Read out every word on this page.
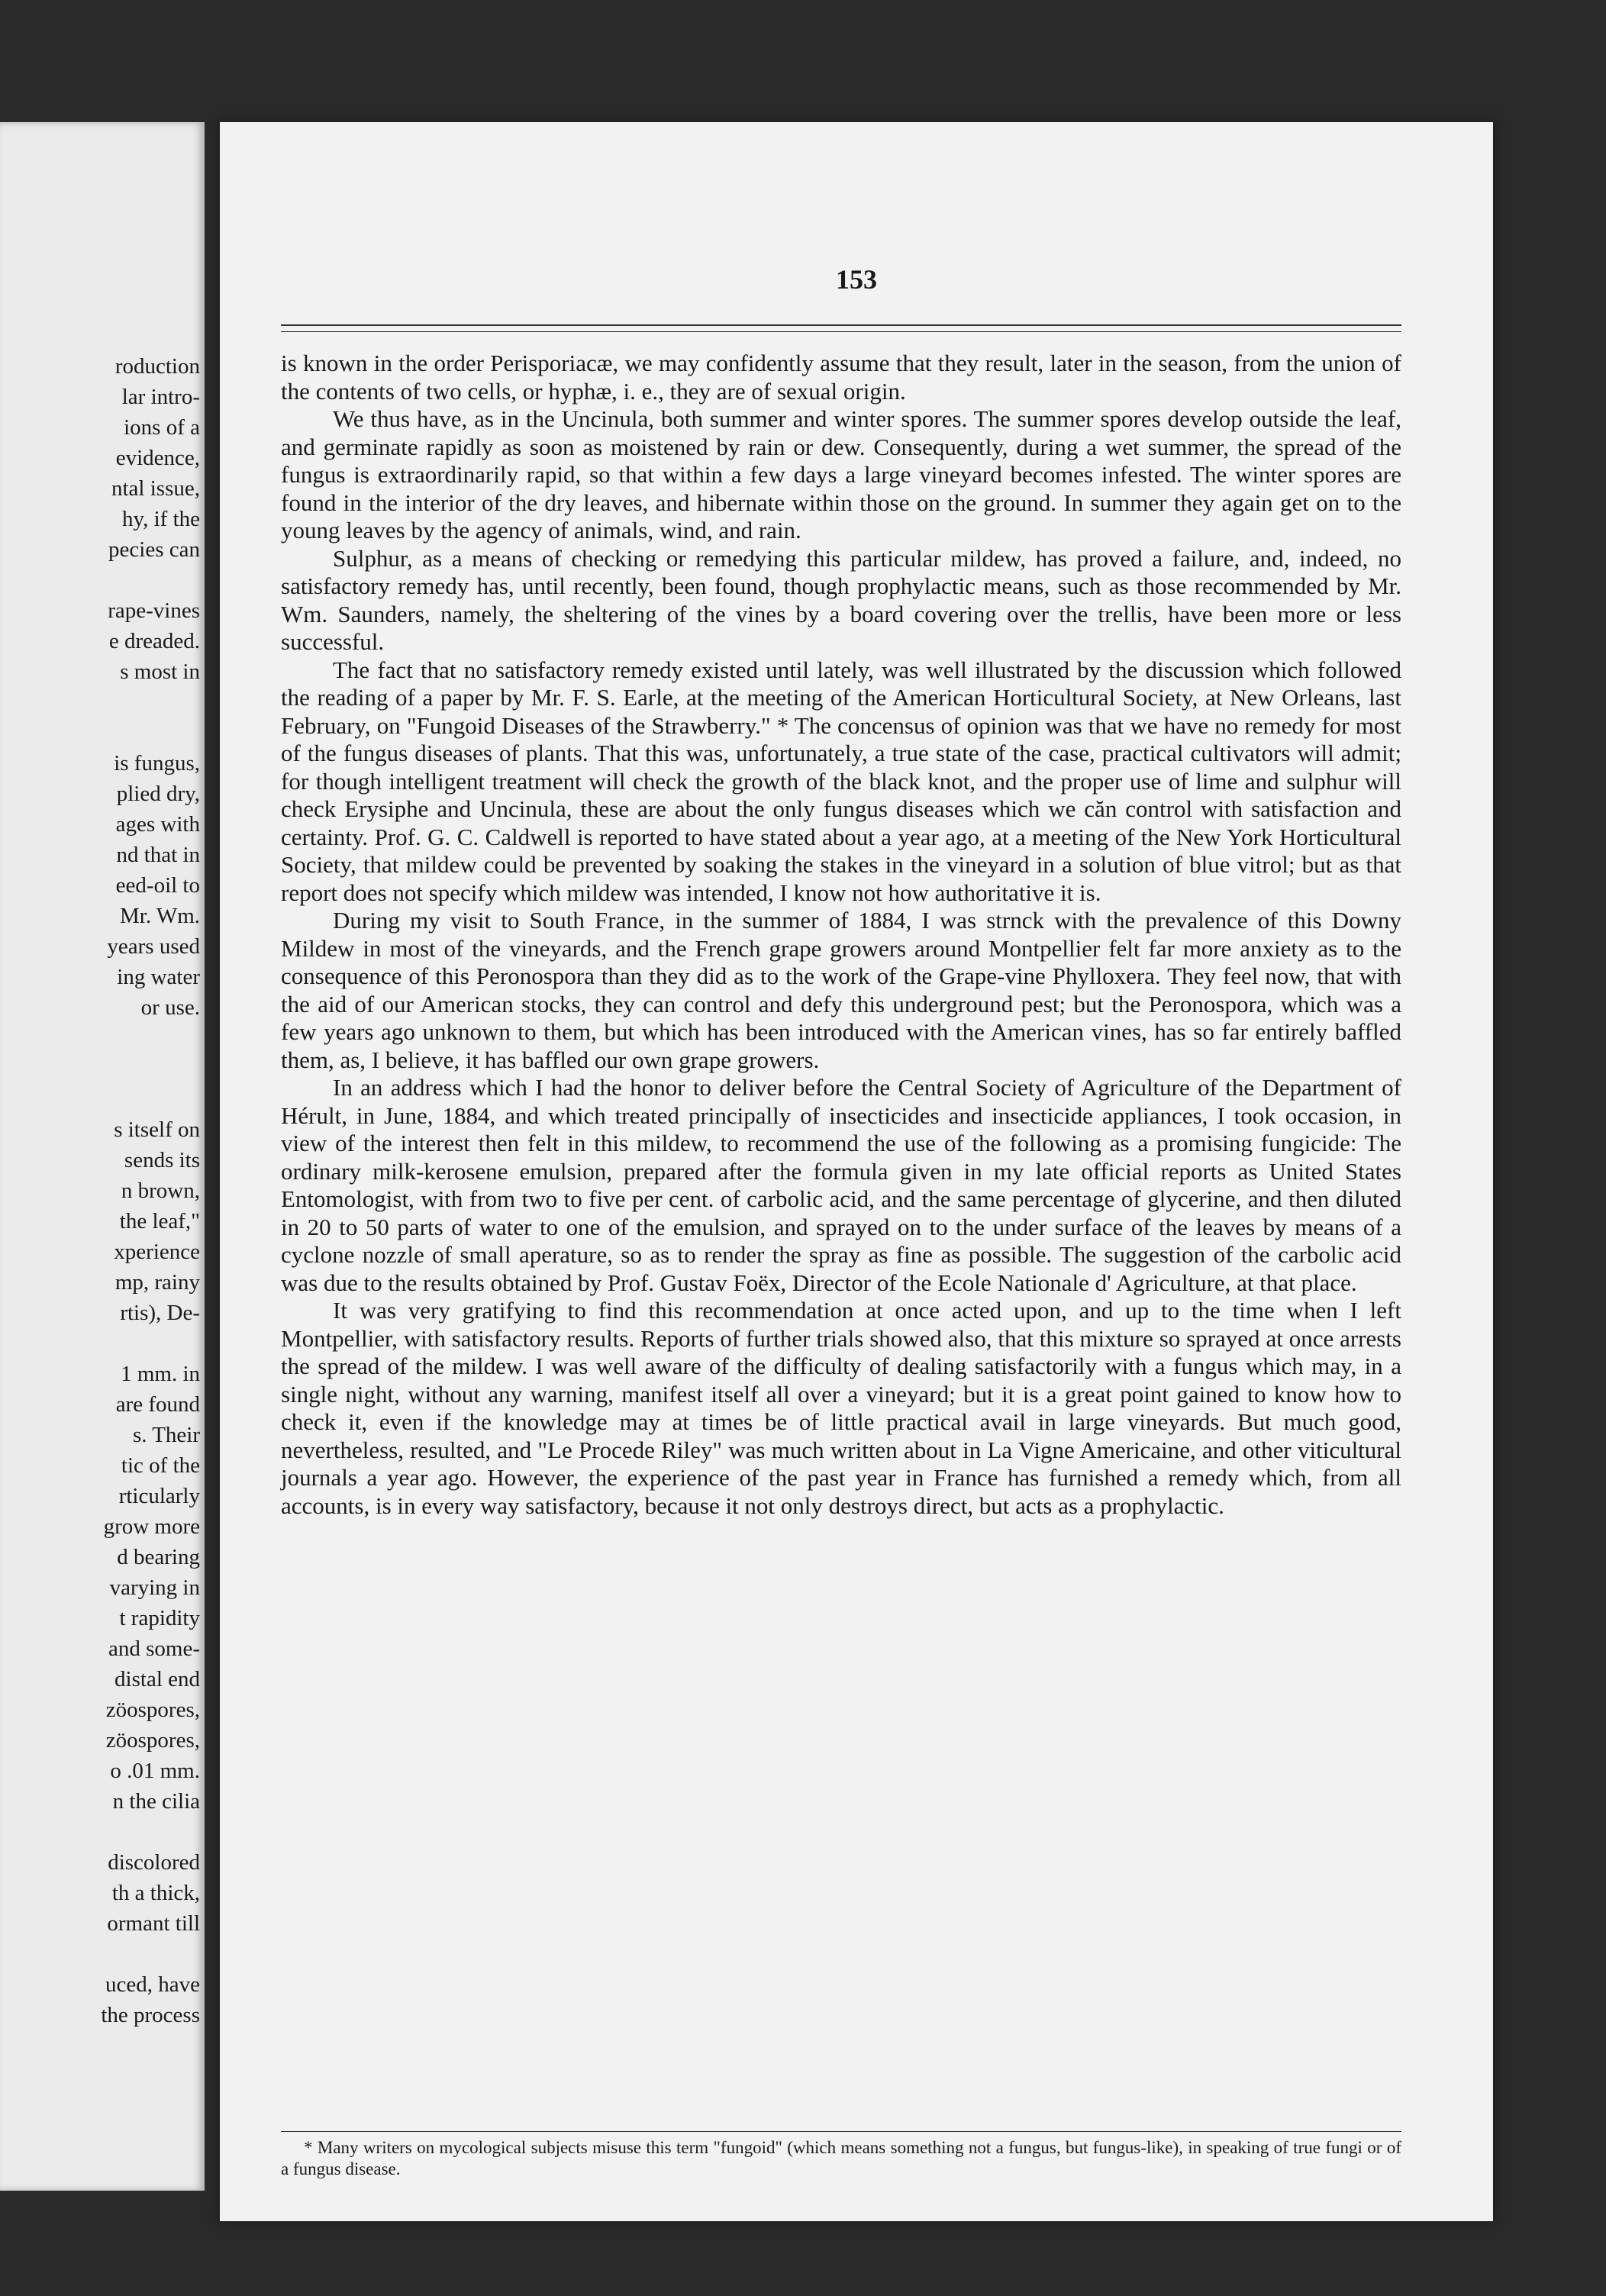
roduction
lar intro-
ions of a
evidence,
ntal issue,
hy, if the
pecies can
rape-vines
e dreaded.
s most in
is fungus,
plied dry,
ages with
nd that in
eed-oil to
Mr. Wm.
years used
ing water
or use.
s itself on
sends its
n brown,
the leaf,"
xperience
mp, rainy
rtis), De-
1 mm. in
are found
s. Their
tic of the
rticularly
grow more
d bearing
varying in
t rapidity
and some-
distal end
zöospores,
zöospores,
o .01 mm.
n the cilia
discolored
th a thick,
ormant till
uced, have
the process
153

is known in the order Perisporiacæ, we may confidently assume that they result, later in the season, from the union of the contents of two cells, or hyphæ, i. e., they are of sexual origin.

We thus have, as in the Uncinula, both summer and winter spores. The summer spores develop outside the leaf, and germinate rapidly as soon as moistened by rain or dew. Consequently, during a wet summer, the spread of the fungus is extraordinarily rapid, so that within a few days a large vineyard becomes infested. The winter spores are found in the interior of the dry leaves, and hibernate within those on the ground. In summer they again get on to the young leaves by the agency of animals, wind, and rain.

Sulphur, as a means of checking or remedying this particular mildew, has proved a failure, and, indeed, no satisfactory remedy has, until recently, been found, though prophylactic means, such as those recommended by Mr. Wm. Saunders, namely, the sheltering of the vines by a board covering over the trellis, have been more or less successful.

The fact that no satisfactory remedy existed until lately, was well illustrated by the discussion which followed the reading of a paper by Mr. F. S. Earle, at the meeting of the American Horticultural Society, at New Orleans, last February, on "Fungoid Diseases of the Strawberry." * The concensus of opinion was that we have no remedy for most of the fungus diseases of plants. That this was, unfortunately, a true state of the case, practical cultivators will admit; for though intelligent treatment will check the growth of the black knot, and the proper use of lime and sulphur will check Erysiphe and Uncinula, these are about the only fungus diseases which we căn control with satisfaction and certainty. Prof. G. C. Caldwell is reported to have stated about a year ago, at a meeting of the New York Horticultural Society, that mildew could be prevented by soaking the stakes in the vineyard in a solution of blue vitrol; but as that report does not specify which mildew was intended, I know not how authoritative it is.

During my visit to South France, in the summer of 1884, I was strnck with the prevalence of this Downy Mildew in most of the vineyards, and the French grape growers around Montpellier felt far more anxiety as to the consequence of this Peronospora than they did as to the work of the Grape-vine Phylloxera. They feel now, that with the aid of our American stocks, they can control and defy this underground pest; but the Peronospora, which was a few years ago unknown to them, but which has been introduced with the American vines, has so far entirely baffled them, as, I believe, it has baffled our own grape growers.

In an address which I had the honor to deliver before the Central Society of Agriculture of the Department of Hérult, in June, 1884, and which treated principally of insecticides and insecticide appliances, I took occasion, in view of the interest then felt in this mildew, to recommend the use of the following as a promising fungicide: The ordinary milk-kerosene emulsion, prepared after the formula given in my late official reports as United States Entomologist, with from two to five per cent. of carbolic acid, and the same percentage of glycerine, and then diluted in 20 to 50 parts of water to one of the emulsion, and sprayed on to the under surface of the leaves by means of a cyclone nozzle of small aperature, so as to render the spray as fine as possible. The suggestion of the carbolic acid was due to the results obtained by Prof. Gustav Foëx, Director of the Ecole Nationale d' Agriculture, at that place.

It was very gratifying to find this recommendation at once acted upon, and up to the time when I left Montpellier, with satisfactory results. Reports of further trials showed also, that this mixture so sprayed at once arrests the spread of the mildew. I was well aware of the difficulty of dealing satisfactorily with a fungus which may, in a single night, without any warning, manifest itself all over a vineyard; but it is a great point gained to know how to check it, even if the knowledge may at times be of little practical avail in large vineyards. But much good, nevertheless, resulted, and "Le Procede Riley" was much written about in La Vigne Americaine, and other viticultural journals a year ago. However, the experience of the past year in France has furnished a remedy which, from all accounts, is in every way satisfactory, because it not only destroys direct, but acts as a prophylactic.

* Many writers on mycological subjects misuse this term "fungoid" (which means something not a fungus, but fungus-like), in speaking of true fungi or of a fungus disease.
